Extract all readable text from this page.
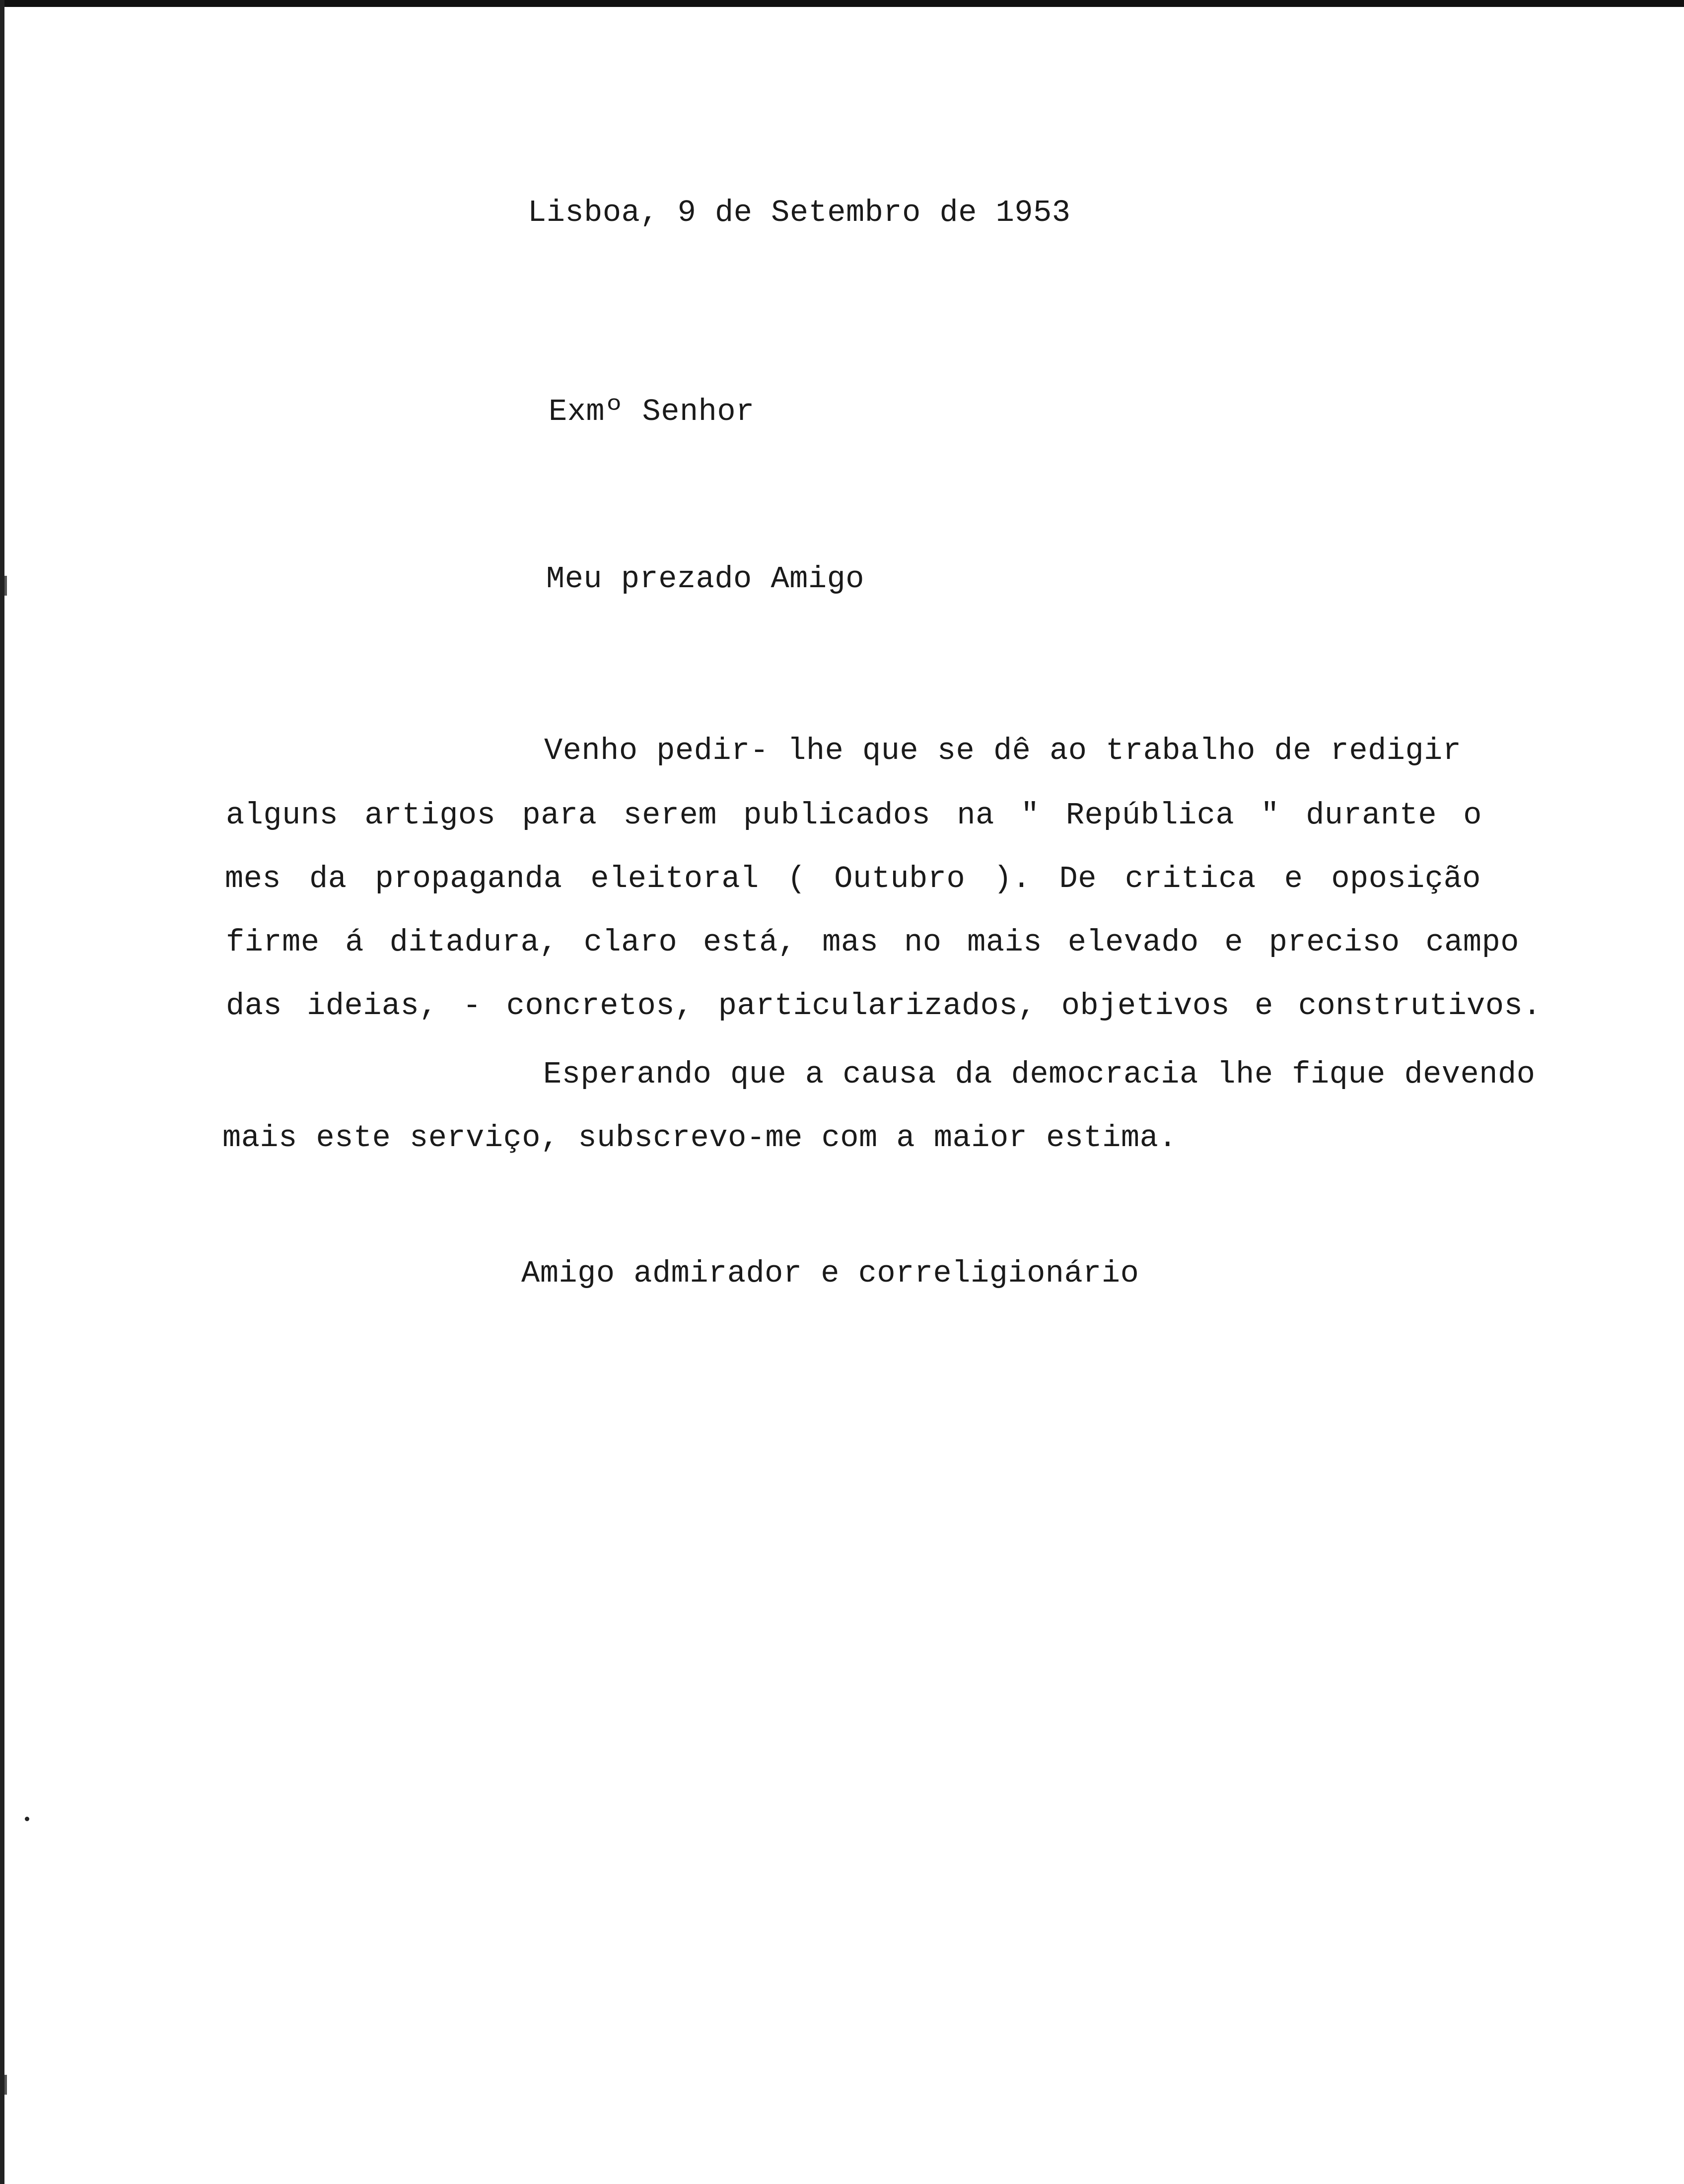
Lisboa, 9 de Setembro de 1953
Exmº Senhor
Meu prezado Amigo
Venho pedir- lhe que se dê ao trabalho de redigir
alguns artigos para serem publicados na " República " durante o
mes da propaganda eleitoral ( Outubro ). De critica e oposição
firme á ditadura, claro está, mas no mais elevado e preciso campo
das ideias, - concretos, particularizados, objetivos e construtivos.
Esperando que a causa da democracia lhe fique devendo
mais este serviço, subscrevo-me com a maior estima.
Amigo admirador e correligionário
